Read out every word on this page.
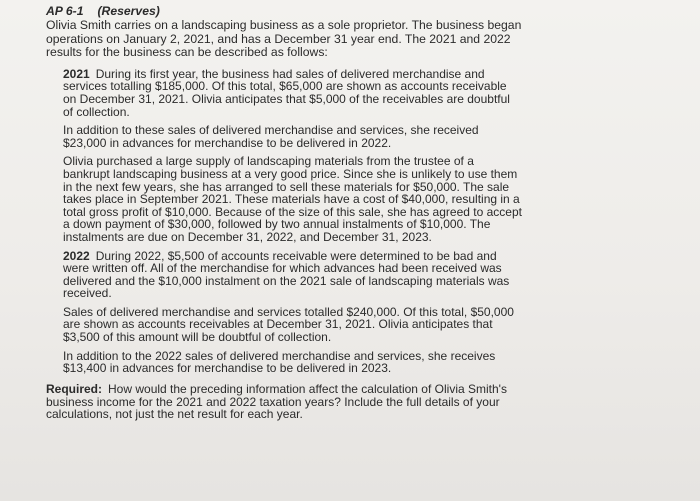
AP 6-1 (Reserves)

Olivia Smith carries on a landscaping business as a sole proprietor. The business began operations on January 2, 2021, and has a December 31 year end. The 2021 and 2022 results for the business can be described as follows:

2021 During its first year, the business had sales of delivered merchandise and services totalling $185,000. Of this total, $65,000 are shown as accounts receivable on December 31, 2021. Olivia anticipates that $5,000 of the receivables are doubtful of collection.

In addition to these sales of delivered merchandise and services, she received $23,000 in advances for merchandise to be delivered in 2022.

Olivia purchased a large supply of landscaping materials from the trustee of a bankrupt landscaping business at a very good price. Since she is unlikely to use them in the next few years, she has arranged to sell these materials for $50,000. The sale takes place in September 2021. These materials have a cost of $40,000, resulting in a total gross profit of $10,000. Because of the size of this sale, she has agreed to accept a down payment of $30,000, followed by two annual instalments of $10,000. The instalments are due on December 31, 2022, and December 31, 2023.

2022 During 2022, $5,500 of accounts receivable were determined to be bad and were written off. All of the merchandise for which advances had been received was delivered and the $10,000 instalment on the 2021 sale of landscaping materials was received.

Sales of delivered merchandise and services totalled $240,000. Of this total, $50,000 are shown as accounts receivables at December 31, 2021. Olivia anticipates that $3,500 of this amount will be doubtful of collection.

In addition to the 2022 sales of delivered merchandise and services, she receives $13,400 in advances for merchandise to be delivered in 2023.

Required: How would the preceding information affect the calculation of Olivia Smith's business income for the 2021 and 2022 taxation years? Include the full details of your calculations, not just the net result for each year.
